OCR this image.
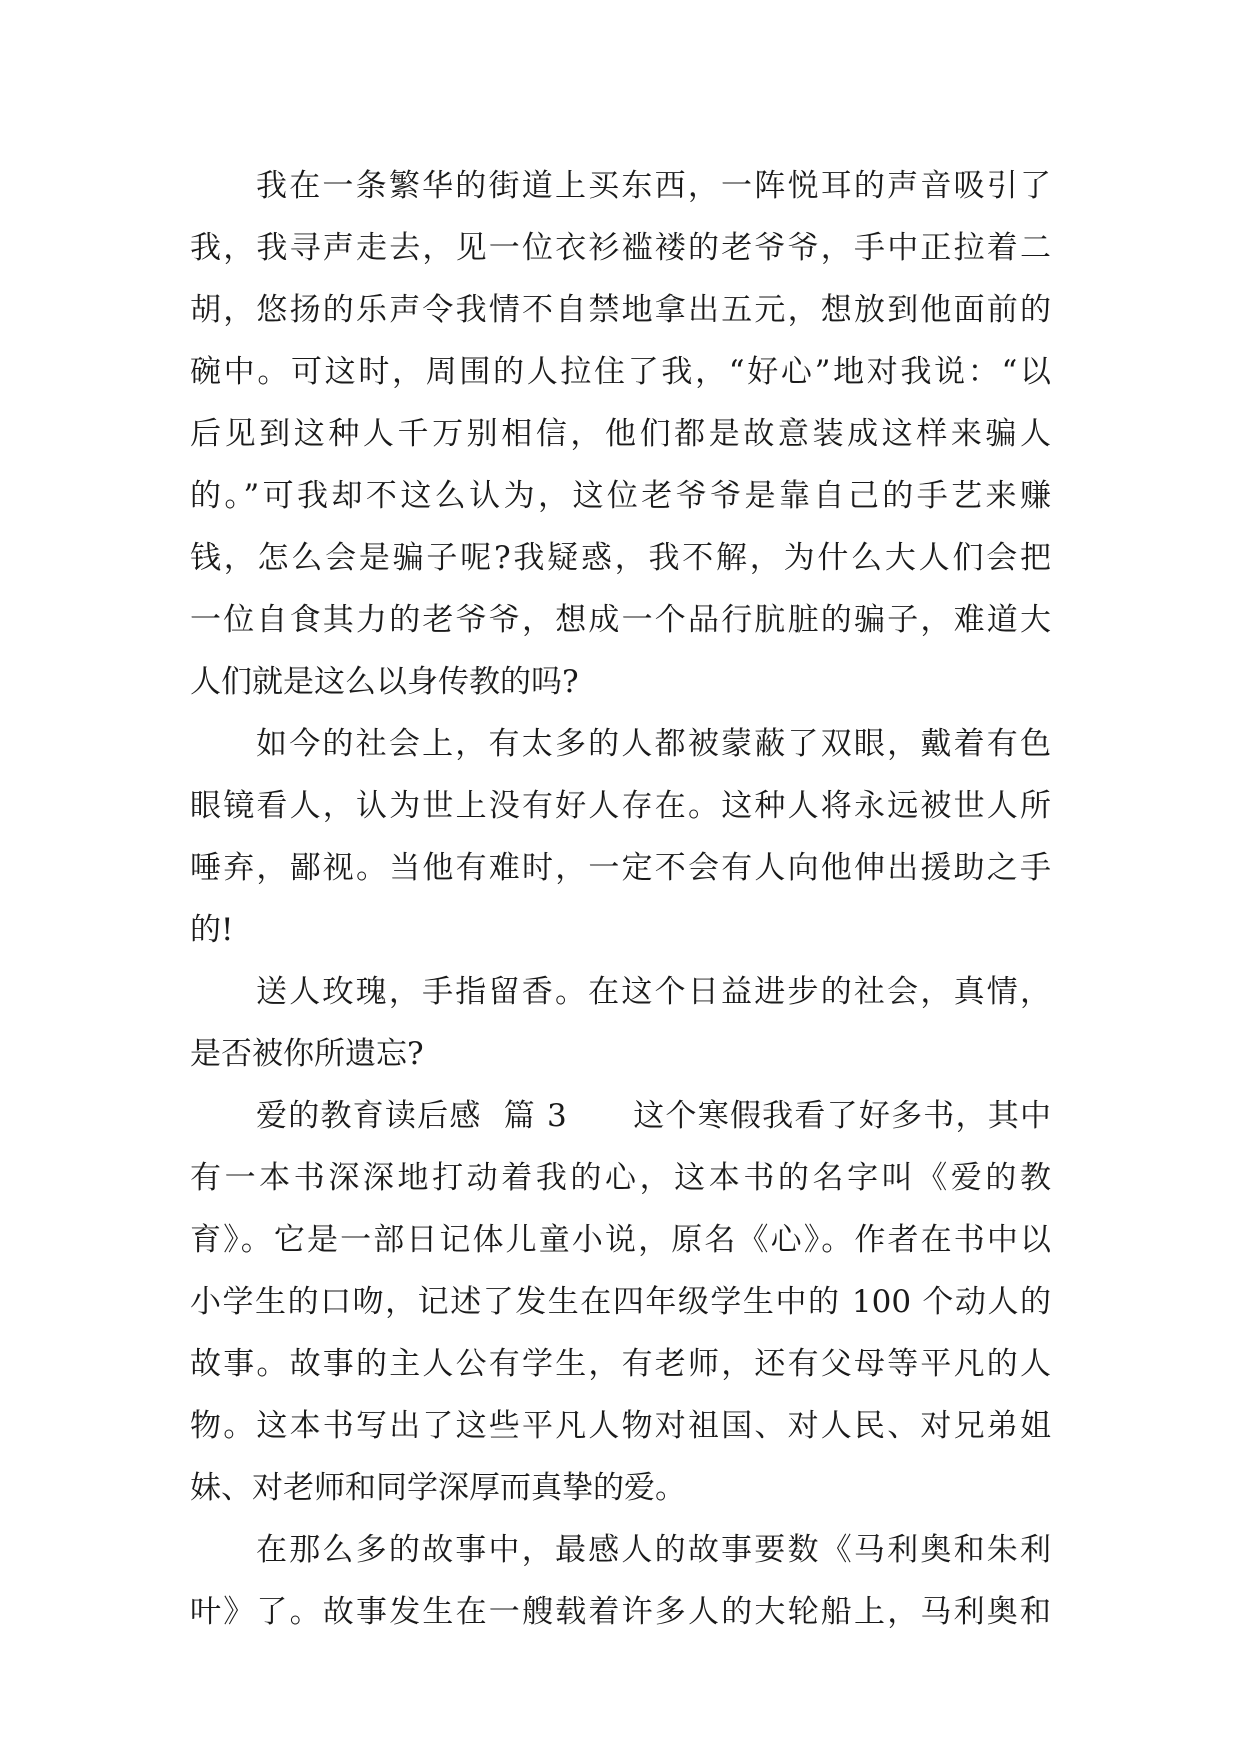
我在一条繁华的街道上买东西，一阵悦耳的声音吸引了
我，我寻声走去，见一位衣衫褴褛的老爷爷，手中正拉着二
胡，悠扬的乐声令我情不自禁地拿出五元，想放到他面前的
碗中。可这时，周围的人拉住了我，“好心”地对我说：“以
后见到这种人千万别相信，他们都是故意装成这样来骗人
的。”可我却不这么认为，这位老爷爷是靠自己的手艺来赚
钱，怎么会是骗子呢?我疑惑，我不解，为什么大人们会把
一位自食其力的老爷爷，想成一个品行肮脏的骗子，难道大
人们就是这么以身传教的吗?
如今的社会上，有太多的人都被蒙蔽了双眼，戴着有色
眼镜看人，认为世上没有好人存在。这种人将永远被世人所
唾弃，鄙视。当他有难时，一定不会有人向他伸出援助之手
的!
送人玫瑰，手指留香。在这个日益进步的社会，真情，
是否被你所遗忘?
爱的教育读后感  篇 3      这个寒假我看了好多书，其中
有一本书深深地打动着我的心，这本书的名字叫《爱的教
育》。它是一部日记体儿童小说，原名《心》。作者在书中以
小学生的口吻，记述了发生在四年级学生中的 100 个动人的
故事。故事的主人公有学生，有老师，还有父母等平凡的人
物。这本书写出了这些平凡人物对祖国、对人民、对兄弟姐
妹、对老师和同学深厚而真挚的爱。
在那么多的故事中，最感人的故事要数《马利奥和朱利
叶》了。故事发生在一艘载着许多人的大轮船上，马利奥和
